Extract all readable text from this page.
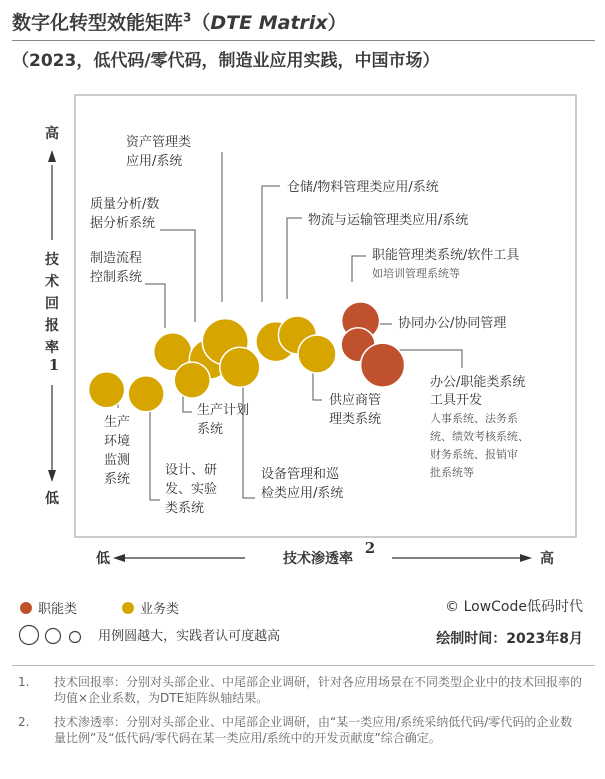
数字化转型效能矩阵$^3$（DTE Matrix）
（2023，低代码/零代码，制造业应用实践，中国市场）
高
技
术
回
报
率
1
低
低	技术渗透率
2
高
生产环境监测系统
设计、研发、实验类系统
制造流程控制系统
质量分析/数据分析系统
生产计划系统
资产管理类应用/系统
设备管理和巡检类应用/系统
仓储/物料管理类应用/系统
物流与运输管理类应用/系统
供应商管理类系统
职能管理类系统/软件工具如培训管理系统等
协同办公/协同管理
办公/职能类系统工具开发人事系统、法务系统、绩效考核系统、财务系统、报销审批系统等
职能类	业务类
用例圆越大，实践者认可度越高
© LowCode低码时代
绘制时间：2023年8月
1.	技术回报率：分别对头部企业、中尾部企业调研，针对各应用场景在不同类型企业中的技术回报率的均值×企业系数，为DTE矩阵纵轴结果。
2.	技术渗透率：分别对头部企业、中尾部企业调研，由“某一类应用/系统采纳低代码/零代码的企业数量比例”及“低代码/零代码在某一类应用/系统中的开发贡献度”综合确定。
